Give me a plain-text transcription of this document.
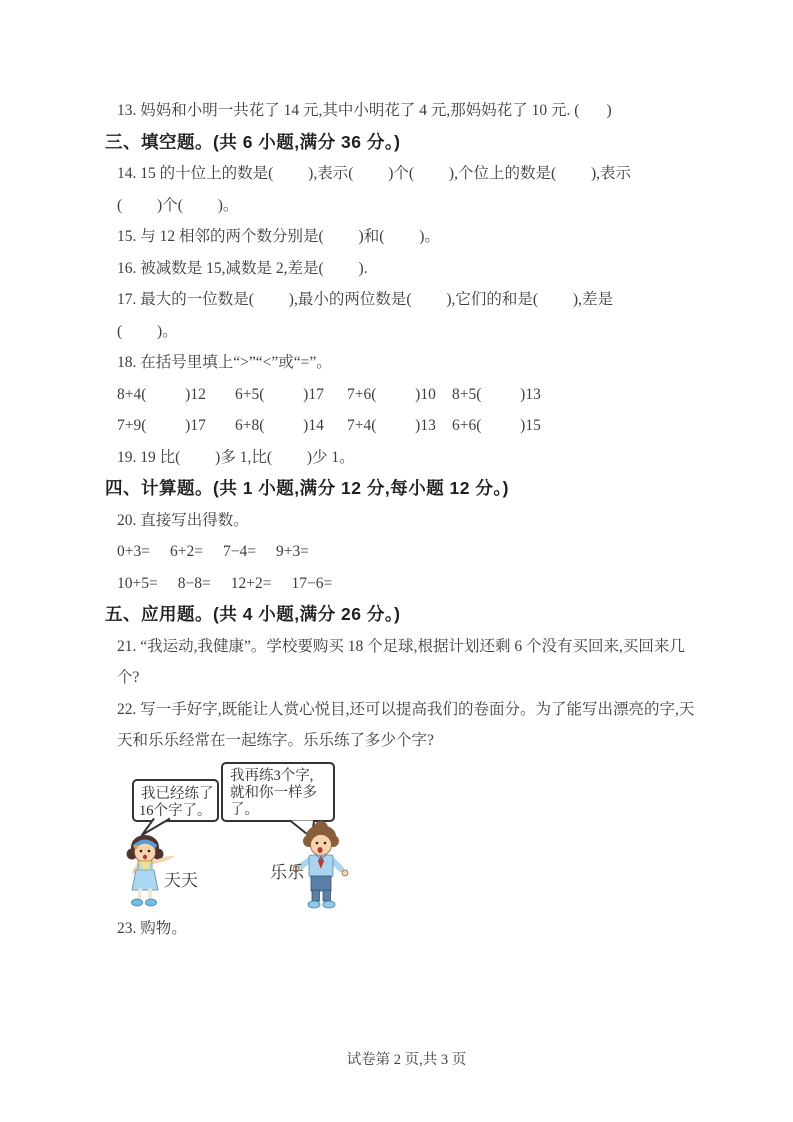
13. 妈妈和小明一共花了 14 元,其中小明花了 4 元,那妈妈花了 10 元. (       )
三、填空题。(共 6 小题,满分 36 分。)
14. 15 的十位上的数是(         ),表示(         )个(         ),个位上的数是(         ),表示
(         )个(         )。
15. 与 12 相邻的两个数分别是(         )和(         )。
16. 被减数是 15,减数是 2,差是(         ).
17. 最大的一位数是(         ),最小的两位数是(         ),它们的和是(         ),差是
(         )。
18. 在括号里填上“>”“<”或“=”。
8+4(          )12	6+5(          )17	7+6(          )10	8+5(          )13
7+9(          )17	6+8(          )14	7+4(          )13	6+6(          )15
19. 19 比(         )多 1,比(         )少 1。
四、计算题。(共 1 小题,满分 12 分,每小题 12 分。)
20. 直接写出得数。
0+3= 6+2= 7−4= 9+3=
10+5= 8−8= 12+2= 17−6=
五、应用题。(共 4 小题,满分 26 分。)
21. “我运动,我健康”。学校要购买 18 个足球,根据计划还剩 6 个没有买回来,买回来几
个?
22. 写一手好字,既能让人赏心悦目,还可以提高我们的卷面分。为了能写出漂亮的字,天
天和乐乐经常在一起练字。乐乐练了多少个字?
我已经练了
16个字了。
我再练3个字,
就和你一样多
了。
天天	乐乐
23. 购物。
试卷第 2 页,共 3 页
